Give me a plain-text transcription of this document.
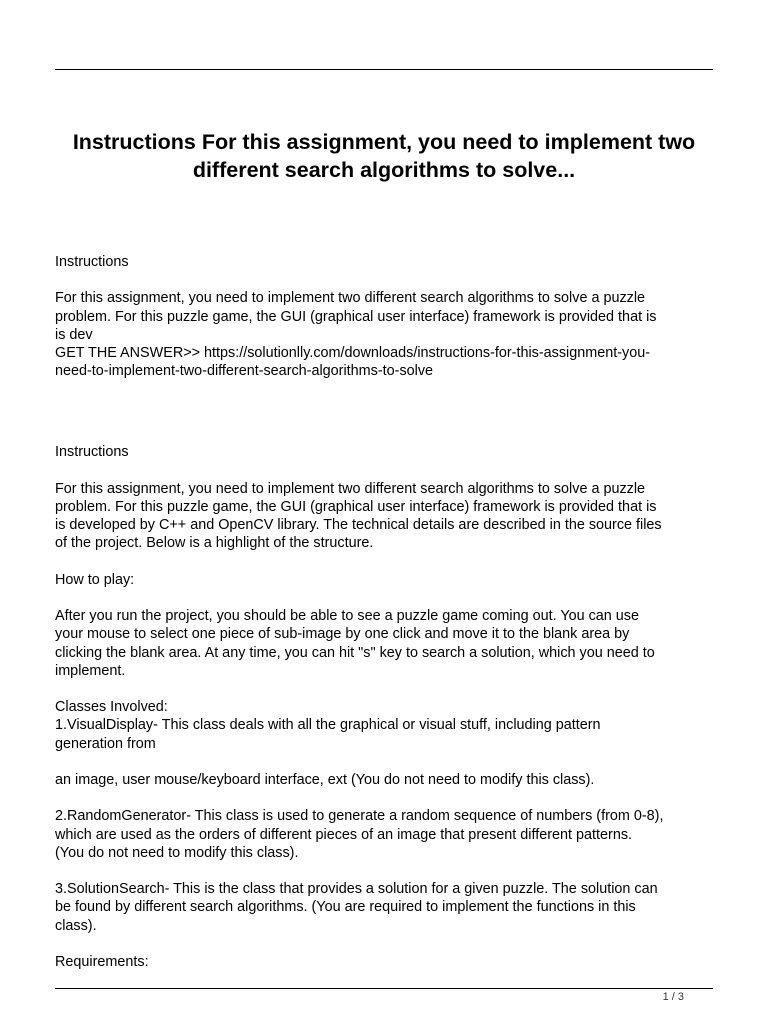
Instructions For this assignment, you need to implement two different search algorithms to solve...

Instructions

For this assignment, you need to implement two different search algorithms to solve a puzzle
problem. For this puzzle game, the GUI (graphical user interface) framework is provided that is
is dev
GET THE ANSWER>> https://solutionlly.com/downloads/instructions-for-this-assignment-you-
need-to-implement-two-different-search-algorithms-to-solve

Instructions

For this assignment, you need to implement two different search algorithms to solve a puzzle
problem. For this puzzle game, the GUI (graphical user interface) framework is provided that is
is developed by C++ and OpenCV library. The technical details are described in the source files
of the project. Below is a highlight of the structure.

How to play:

After you run the project, you should be able to see a puzzle game coming out. You can use
your mouse to select one piece of sub-image by one click and move it to the blank area by
clicking the blank area. At any time, you can hit "s" key to search a solution, which you need to
implement.

Classes Involved:
1.VisualDisplay- This class deals with all the graphical or visual stuff, including pattern
generation from

an image, user mouse/keyboard interface, ext (You do not need to modify this class).

2.RandomGenerator- This class is used to generate a random sequence of numbers (from 0-8),
which are used as the orders of different pieces of an image that present different patterns.
(You do not need to modify this class).

3.SolutionSearch- This is the class that provides a solution for a given puzzle. The solution can
be found by different search algorithms. (You are required to implement the functions in this
class).

Requirements:

1 / 3
